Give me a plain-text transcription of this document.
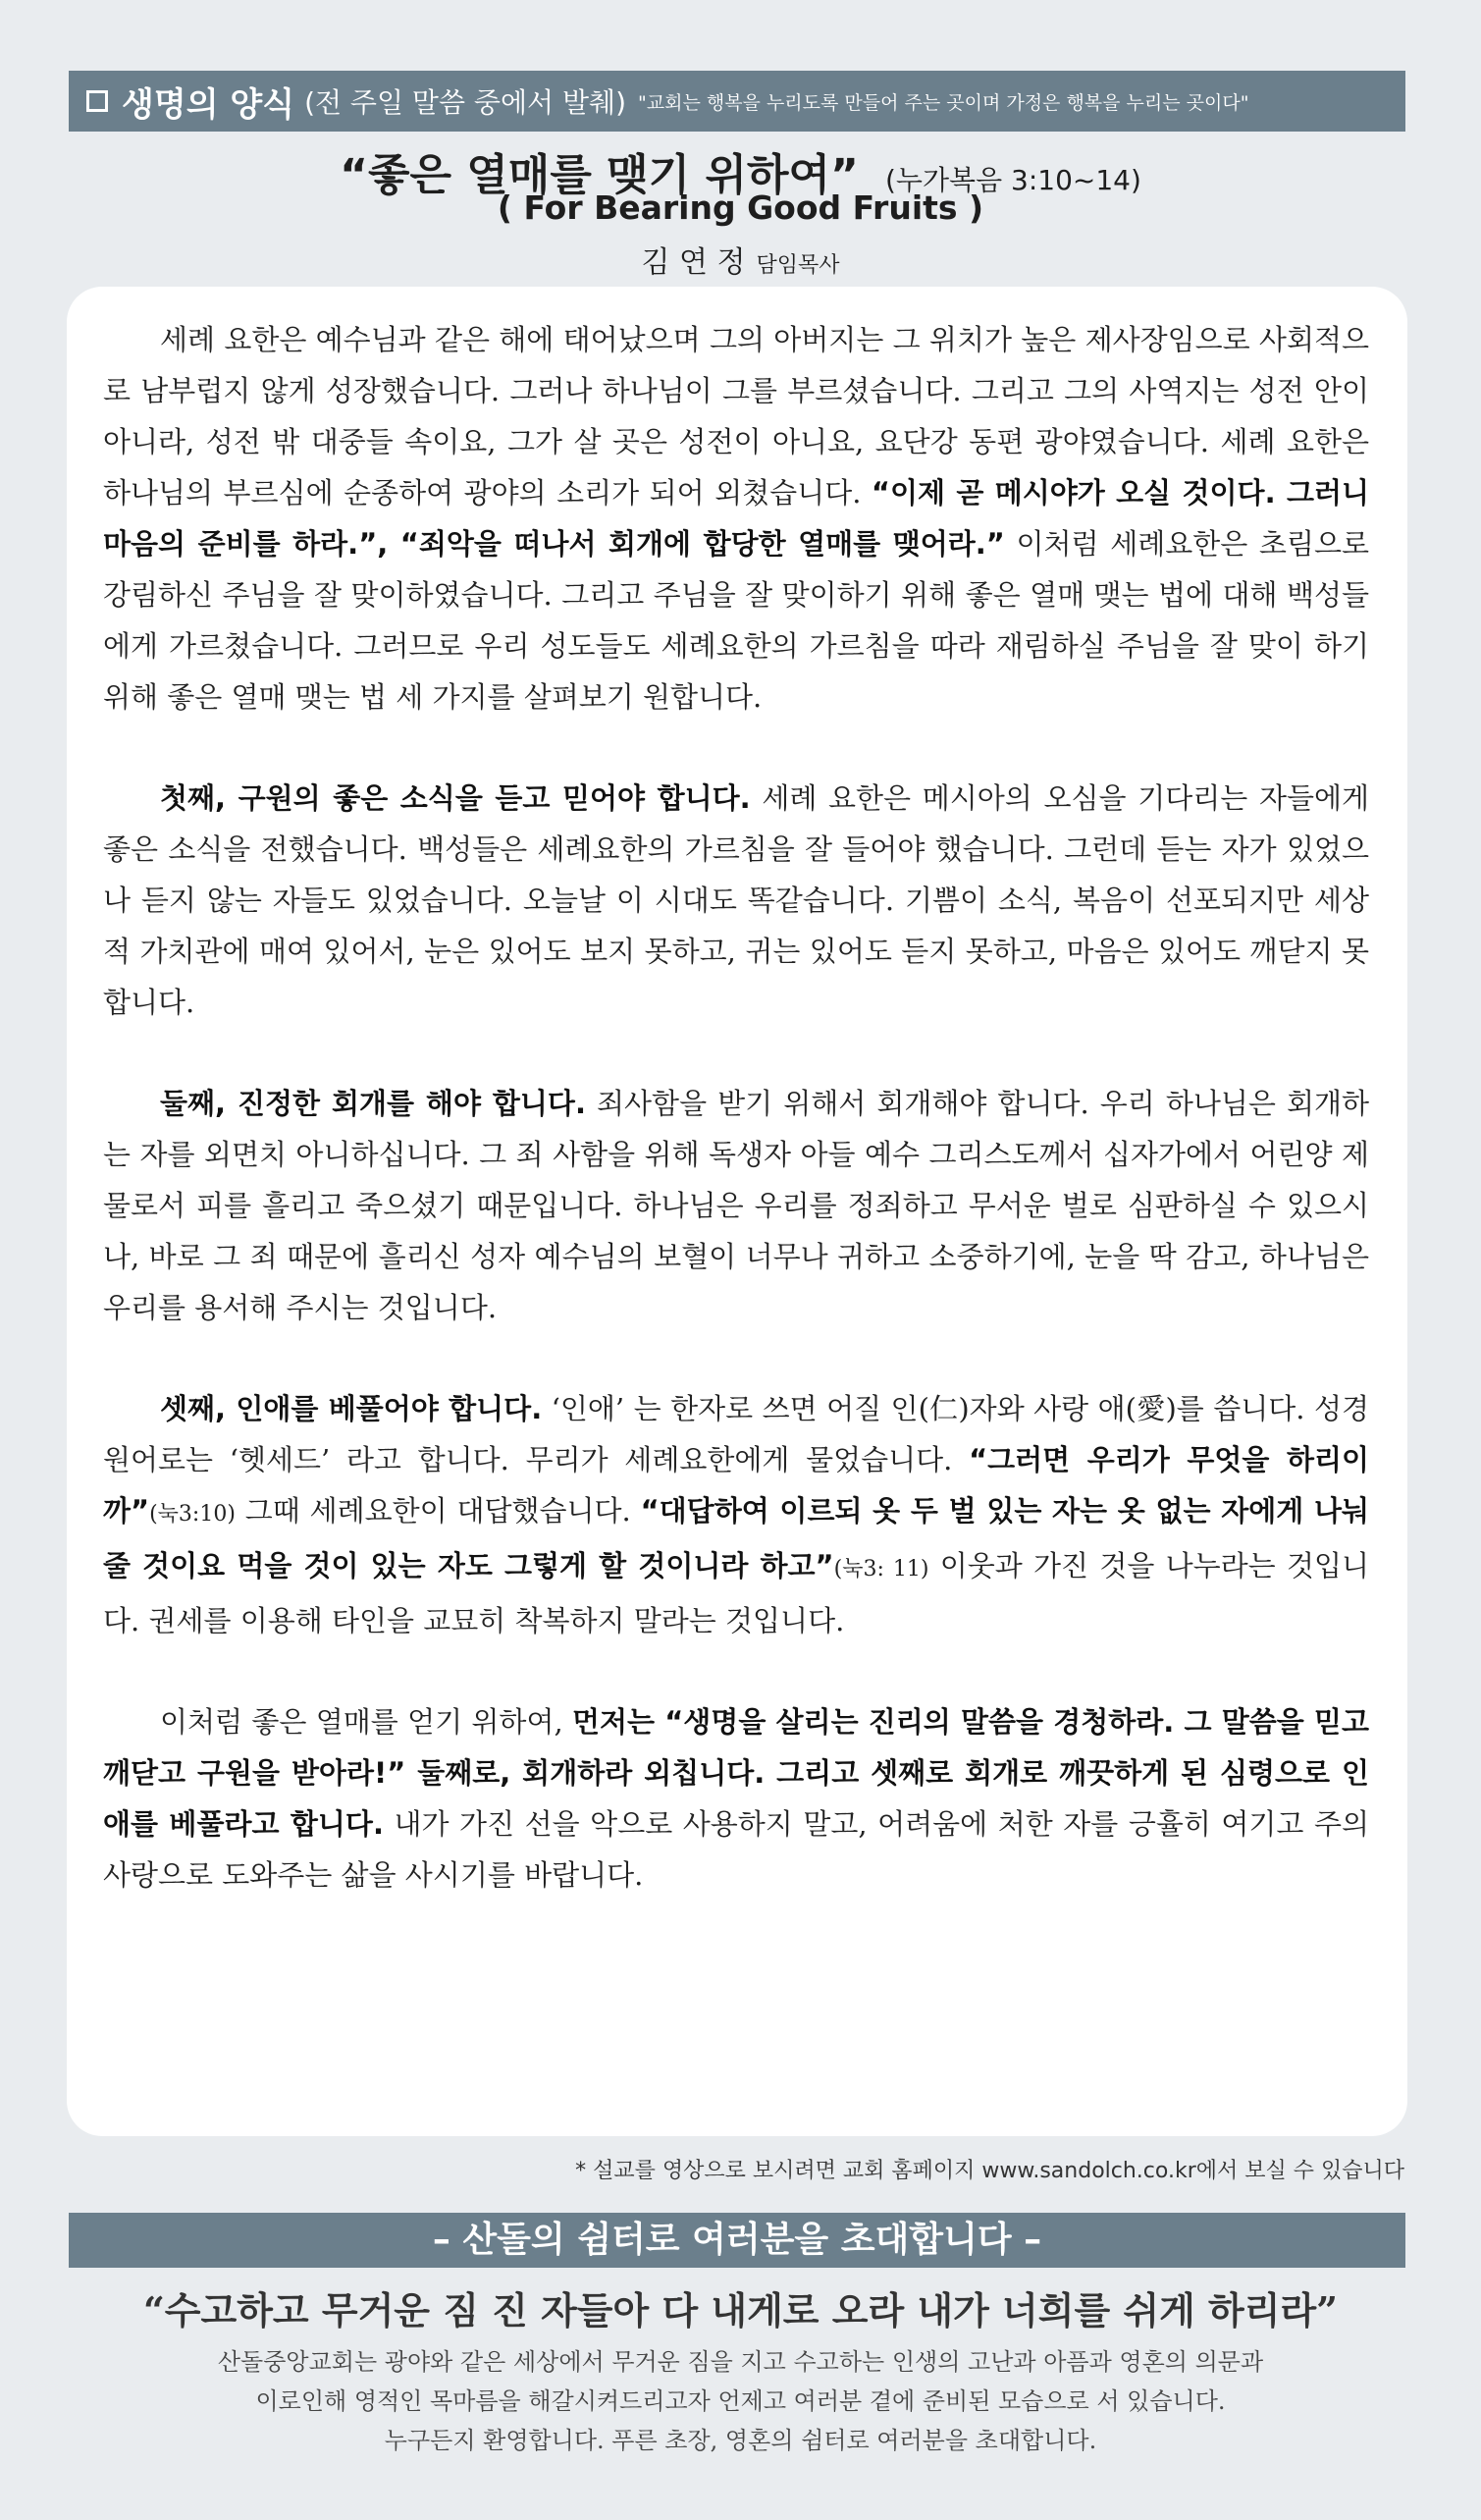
생명의 양식 (전 주일 말씀 중에서 발췌) "교회는 행복을 누리도록 만들어 주는 곳이며 가정은 행복을 누리는 곳이다"
“좋은 열매를 맺기 위하여” (누가복음 3:10~14)
( For Bearing Good Fruits )
김 연 정 담임목사

세례 요한은 예수님과 같은 해에 태어났으며 그의 아버지는 그 위치가 높은 제사장임으로 사회적으로 남부럽지 않게 성장했습니다. 그러나 하나님이 그를 부르셨습니다. 그리고 그의 사역지는 성전 안이 아니라, 성전 밖 대중들 속이요, 그가 살 곳은 성전이 아니요, 요단강 동편 광야였습니다. 세례 요한은 하나님의 부르심에 순종하여 광야의 소리가 되어 외쳤습니다. “이제 곧 메시야가 오실 것이다. 그러니 마음의 준비를 하라.”, “죄악을 떠나서 회개에 합당한 열매를 맺어라.” 이처럼 세례요한은 초림으로 강림하신 주님을 잘 맞이하였습니다. 그리고 주님을 잘 맞이하기 위해 좋은 열매 맺는 법에 대해 백성들에게 가르쳤습니다. 그러므로 우리 성도들도 세례요한의 가르침을 따라 재림하실 주님을 잘 맞이 하기 위해 좋은 열매 맺는 법 세 가지를 살펴보기 원합니다.

첫째, 구원의 좋은 소식을 듣고 믿어야 합니다. 세례 요한은 메시아의 오심을 기다리는 자들에게 좋은 소식을 전했습니다. 백성들은 세례요한의 가르침을 잘 들어야 했습니다. 그런데 듣는 자가 있었으나 듣지 않는 자들도 있었습니다. 오늘날 이 시대도 똑같습니다. 기쁨이 소식, 복음이 선포되지만 세상적 가치관에 매여 있어서, 눈은 있어도 보지 못하고, 귀는 있어도 듣지 못하고, 마음은 있어도 깨닫지 못합니다.

둘째, 진정한 회개를 해야 합니다. 죄사함을 받기 위해서 회개해야 합니다. 우리 하나님은 회개하는 자를 외면치 아니하십니다. 그 죄 사함을 위해 독생자 아들 예수 그리스도께서 십자가에서 어린양 제물로서 피를 흘리고 죽으셨기 때문입니다. 하나님은 우리를 정죄하고 무서운 벌로 심판하실 수 있으시나, 바로 그 죄 때문에 흘리신 성자 예수님의 보혈이 너무나 귀하고 소중하기에, 눈을 딱 감고, 하나님은 우리를 용서해 주시는 것입니다.

셋째, 인애를 베풀어야 합니다. ‘인애’ 는 한자로 쓰면 어질 인(仁)자와 사랑 애(愛)를 씁니다. 성경원어로는 ‘헷세드’ 라고 합니다. 무리가 세례요한에게 물었습니다. “그러면 우리가 무엇을 하리이까”(눅3:10) 그때 세례요한이 대답했습니다. “대답하여 이르되 옷 두 벌 있는 자는 옷 없는 자에게 나눠 줄 것이요 먹을 것이 있는 자도 그렇게 할 것이니라 하고”(눅3: 11) 이웃과 가진 것을 나누라는 것입니다. 권세를 이용해 타인을 교묘히 착복하지 말라는 것입니다.

이처럼 좋은 열매를 얻기 위하여, 먼저는 “생명을 살리는 진리의 말씀을 경청하라. 그 말씀을 믿고 깨닫고 구원을 받아라!” 둘째로, 회개하라 외칩니다. 그리고 셋째로 회개로 깨끗하게 된 심령으로 인애를 베풀라고 합니다. 내가 가진 선을 악으로 사용하지 말고, 어려움에 처한 자를 긍휼히 여기고 주의 사랑으로 도와주는 삶을 사시기를 바랍니다.

* 설교를 영상으로 보시려면 교회 홈페이지 www.sandolch.co.kr에서 보실 수 있습니다
– 산돌의 쉼터로 여러분을 초대합니다 –
“수고하고 무거운 짐 진 자들아 다 내게로 오라 내가 너희를 쉬게 하리라”
산돌중앙교회는 광야와 같은 세상에서 무거운 짐을 지고 수고하는 인생의 고난과 아픔과 영혼의 의문과
이로인해 영적인 목마름을 해갈시켜드리고자 언제고 여러분 곁에 준비된 모습으로 서 있습니다.
누구든지 환영합니다. 푸른 초장, 영혼의 쉼터로 여러분을 초대합니다.
